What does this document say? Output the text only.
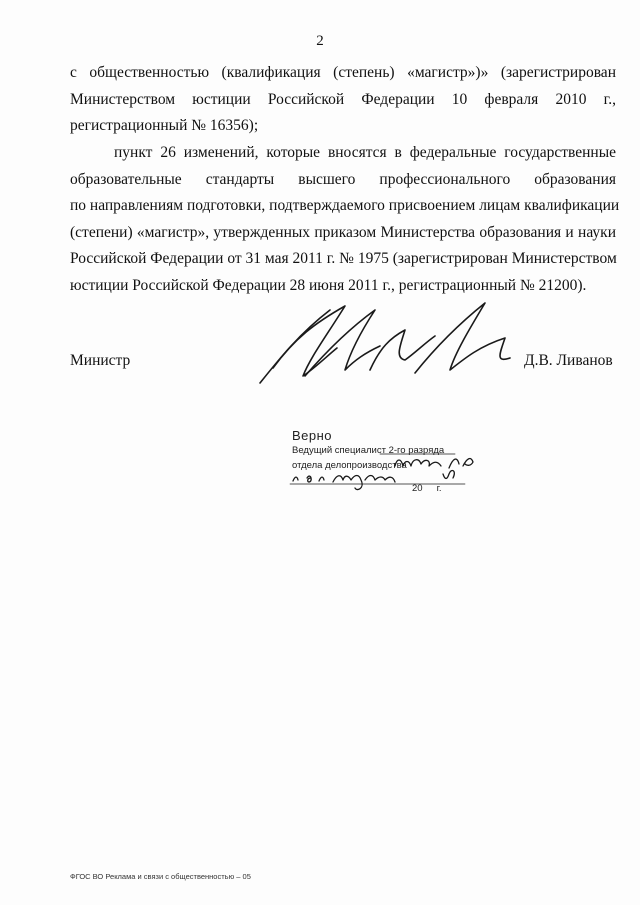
2
с общественностью (квалификация (степень) «магистр»)» (зарегистрирован
Министерством юстиции Российской Федерации 10 февраля 2010 г.,
регистрационный № 16356);
пункт 26 изменений, которые вносятся в федеральные государственные
образовательные стандарты высшего профессионального образования
по направлениям подготовки, подтверждаемого присвоением лицам квалификации
(степени) «магистр», утвержденных приказом Министерства образования и науки
Российской Федерации от 31 мая 2011 г. № 1975 (зарегистрирован Министерством
юстиции Российской Федерации 28 июня 2011 г., регистрационный № 21200).
Министр	Д.В. Ливанов
Верно
Ведущий специалист 2-го разряда
отдела делопроизводства
20 г.
ФГОС ВО Реклама и связи с общественностью – 05
